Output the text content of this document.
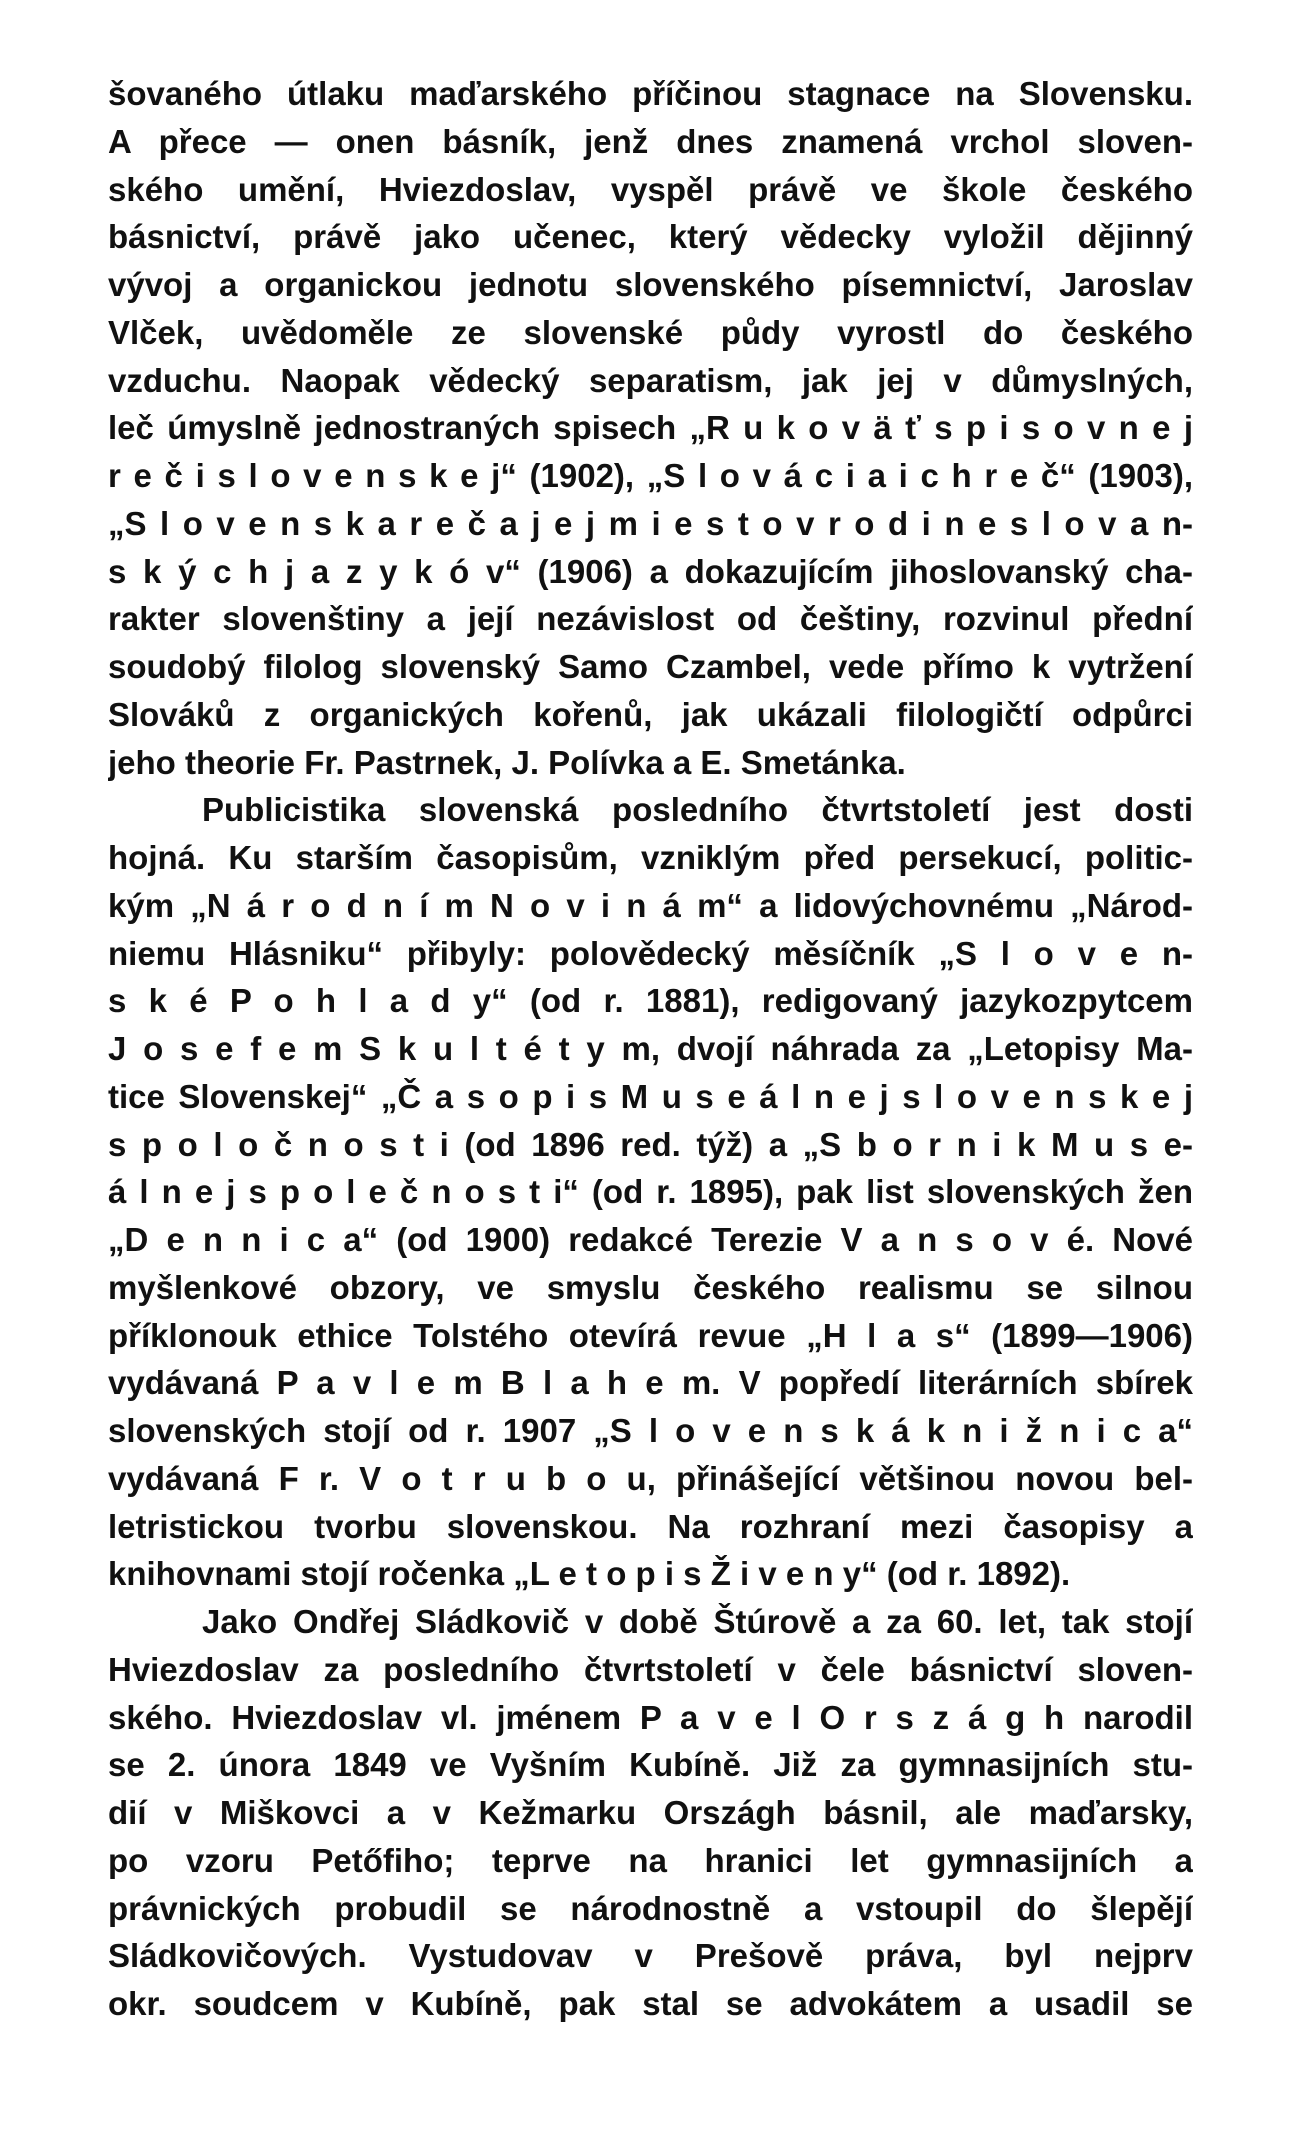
šovaného útlaku maďarského příčinou stagnace na Slovensku.
A přece — onen básník, jenž dnes znamená vrchol sloven-
ského umění, Hviezdoslav, vyspěl právě ve škole českého
básnictví, právě jako učenec, který vědecky vyložil dějinný
vývoj a organickou jednotu slovenského písemnictví, Jaroslav
Vlček, uvědoměle ze slovenské půdy vyrostl do českého
vzduchu. Naopak vědecký separatism, jak jej v důmyslných,
leč úmyslně jednostraných spisech „R u k o v ä ť s p i s o v n e j
r e č i s l o v e n s k e j“ (1902), „S l o v á c i a i c h r e č“ (1903),
„S l o v e n s k a r e č a j e j m i e s t o v r o d i n e s l o v a n-
s k ý c h j a z y k ó v“ (1906) a dokazujícím jihoslovanský cha-
rakter slovenštiny a její nezávislost od češtiny, rozvinul přední
soudobý filolog slovenský Samo Czambel, vede přímo k vytržení
Slováků z organických kořenů, jak ukázali filologičtí odpůrci
jeho theorie Fr. Pastrnek, J. Polívka a E. Smetánka.
Publicistika slovenská posledního čtvrtstoletí jest dosti
hojná. Ku starším časopisům, vzniklým před persekucí, politic-
kým „N á r o d n í m N o v i n á m“ a lidovýchovnému „Národ-
niemu Hlásniku“ přibyly: polovědecký měsíčník „S l o v e n-
s k é P o h l a d y“ (od r. 1881), redigovaný jazykozpytcem
J o s e f e m S k u l t é t y m, dvojí náhrada za „Letopisy Ma-
tice Slovenskej“ „Č a s o p i s M u s e á l n e j s l o v e n s k e j
s p o l o č n o s t i (od 1896 red. týž) a „S b o r n i k M u s e-
á l n e j s p o l e č n o s t i“ (od r. 1895), pak list slovenských žen
„D e n n i c a“ (od 1900) redakcé Terezie V a n s o v é. Nové
myšlenkové obzory, ve smyslu českého realismu se silnou
příklonouk ethice Tolstého otevírá revue „H l a s“ (1899—1906)
vydávaná P a v l e m B l a h e m. V popředí literárních sbírek
slovenských stojí od r. 1907 „S l o v e n s k á k n i ž n i c a“
vydávaná F r. V o t r u b o u, přinášející většinou novou bel-
letristickou tvorbu slovenskou. Na rozhraní mezi časopisy a
knihovnami stojí ročenka „L e t o p i s Ž i v e n y“ (od r. 1892).
Jako Ondřej Sládkovič v době Štúrově a za 60. let, tak stojí
Hviezdoslav za posledního čtvrtstoletí v čele básnictví sloven-
ského. Hviezdoslav vl. jménem P a v e l O r s z á g h narodil
se 2. února 1849 ve Vyšním Kubíně. Již za gymnasijních stu-
dií v Miškovci a v Kežmarku Országh básnil, ale maďarsky,
po vzoru Petőfiho; teprve na hranici let gymnasijních a
právnických probudil se národnostně a vstoupil do šlepějí
Sládkovičových. Vystudovav v Prešově práva, byl nejprv
okr. soudcem v Kubíně, pak stal se advokátem a usadil se
